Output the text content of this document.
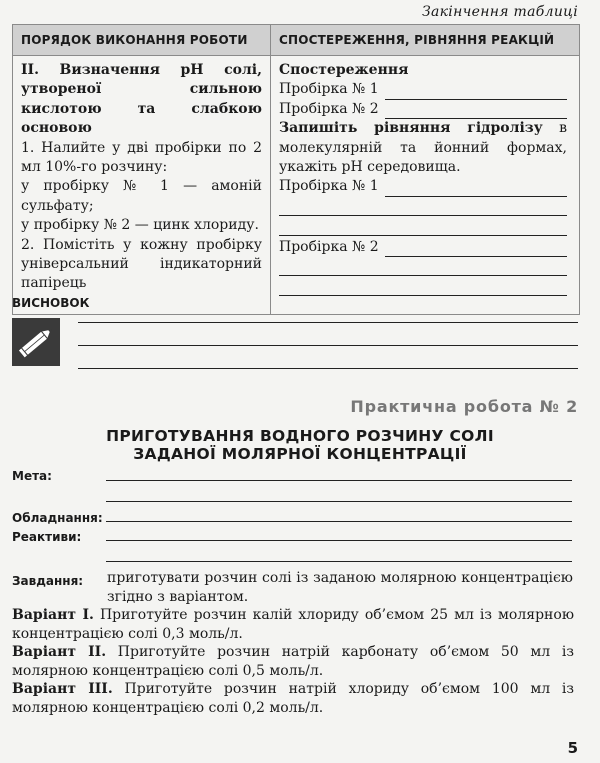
Закінчення таблиці
ПОРЯДОК ВИКОНАННЯ РОБОТИ	СПОСТЕРЕЖЕННЯ, РІВНЯННЯ РЕАКЦІЙ
II. Визначення рН солі, утвореної сильною кислотою та слабкою основою
1. Налийте у дві пробірки по 2 мл 10%-го розчину:
у пробірку № 1 — амоній сульфату;
у пробірку № 2 — цинк хлориду.
2. Помістіть у кожну пробірку універсальний індикаторний папірець
Спостереження
Пробірка № 1
Пробірка № 2
Запишіть рівняння гідролізу в молекулярній та йонний формах, укажіть рН середовища.
Пробірка № 1
Пробірка № 2
ВИСНОВОК
Практична робота № 2
ПРИГОТУВАННЯ ВОДНОГО РОЗЧИНУ СОЛІ
ЗАДАНОЇ МОЛЯРНОЇ КОНЦЕНТРАЦІЇ
Мета:
Обладнання:
Реактиви:
Завдання: приготувати розчин солі із заданою молярною концентрацією згідно з варіантом.
Варіант І. Приготуйте розчин калій хлориду об’ємом 25 мл із молярною концентрацією солі 0,3 моль/л.
Варіант ІІ. Приготуйте розчин натрій карбонату об’ємом 50 мл із молярною концентрацією солі 0,5 моль/л.
Варіант ІІІ. Приготуйте розчин натрій хлориду об’ємом 100 мл із молярною концентрацією солі 0,2 моль/л.
5
